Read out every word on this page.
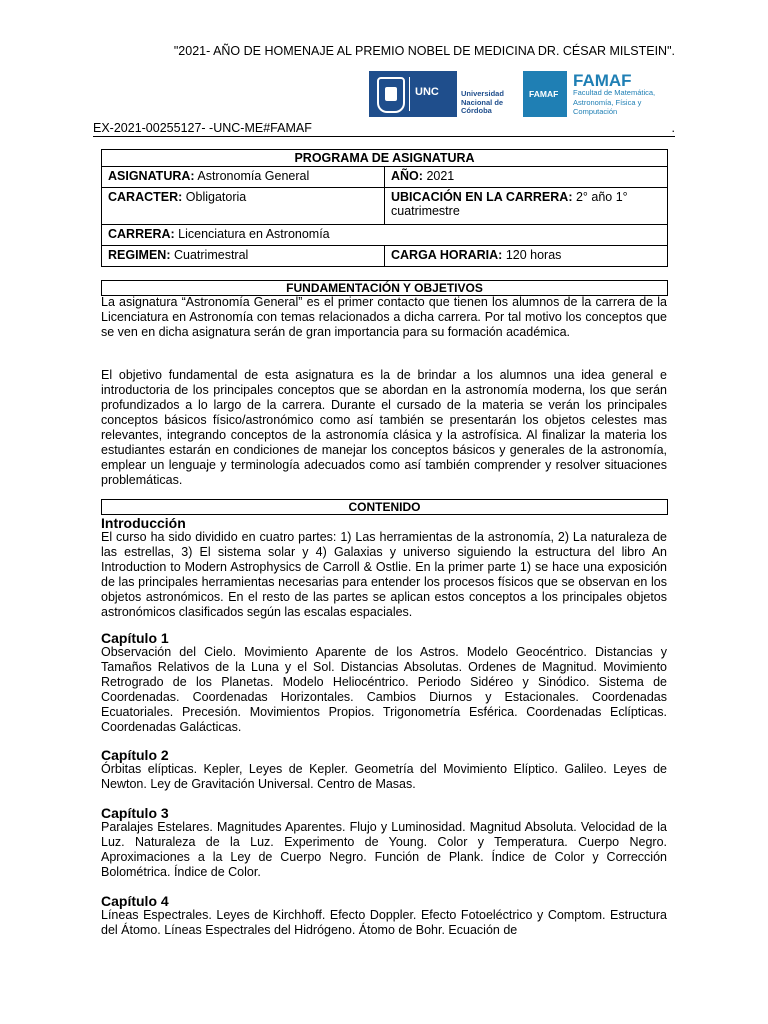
"2021- AÑO DE HOMENAJE AL PREMIO NOBEL DE MEDICINA DR. CÉSAR MILSTEIN".
UNC	Universidad Nacional de Córdoba
FAMAF
FAMAF
Facultad de Matemática, Astronomía, Física y Computación
EX-2021-00255127- -UNC-ME#FAMAF	.
PROGRAMA DE ASIGNATURA	
ASIGNATURA: Astronomía General	AÑO: 2021
CARACTER: Obligatoria	UBICACIÓN EN LA CARRERA: 2° año 1° cuatrimestre
CARRERA: Licenciatura en Astronomía	
REGIMEN: Cuatrimestral	CARGA HORARIA: 120 horas
FUNDAMENTACIÓN Y OBJETIVOS
La asignatura “Astronomía General” es el primer contacto que tienen los alumnos de la carrera de la Licenciatura en Astronomía con temas relacionados a dicha carrera. Por tal motivo los conceptos que se ven en dicha asignatura serán de gran importancia para su formación académica.
El objetivo fundamental de esta asignatura es la de brindar a los alumnos una idea general e introductoria de los principales conceptos que se abordan en la astronomía moderna, los que serán profundizados a lo largo de la carrera. Durante el cursado de la materia se verán los principales conceptos básicos físico/astronómico como así también se presentarán los objetos celestes mas relevantes, integrando conceptos de la astronomía clásica y la astrofísica. Al finalizar la materia los estudiantes estarán en condiciones de manejar los conceptos básicos y generales de la astronomía, emplear un lenguaje y terminología adecuados como así también comprender y resolver situaciones problemáticas.
CONTENIDO
Introducción
El curso ha sido dividido en cuatro partes: 1) Las herramientas de la astronomía, 2) La naturaleza de las estrellas, 3) El sistema solar y 4) Galaxias y universo siguiendo la estructura del libro An Introduction to Modern Astrophysics de Carroll & Ostlie. En la primer parte 1) se hace una exposición de las principales herramientas necesarias para entender los procesos físicos que se observan en los objetos astronómicos. En el resto de las partes se aplican estos conceptos a los principales objetos astronómicos clasificados según las escalas espaciales.
Capítulo 1
Observación del Cielo. Movimiento Aparente de los Astros. Modelo Geocéntrico. Distancias y Tamaños Relativos de la Luna y el Sol. Distancias Absolutas. Ordenes de Magnitud. Movimiento Retrogrado de los Planetas. Modelo Heliocéntrico. Periodo Sidéreo y Sinódico. Sistema de Coordenadas. Coordenadas Horizontales. Cambios Diurnos y Estacionales. Coordenadas Ecuatoriales. Precesión. Movimientos Propios. Trigonometría Esférica. Coordenadas Eclípticas. Coordenadas Galácticas.
Capítulo 2
Órbitas elípticas. Kepler, Leyes de Kepler. Geometría del Movimiento Elíptico. Galileo. Leyes de Newton. Ley de Gravitación Universal. Centro de Masas.
Capítulo 3
Paralajes Estelares. Magnitudes Aparentes. Flujo y Luminosidad. Magnitud Absoluta. Velocidad de la Luz. Naturaleza de la Luz. Experimento de Young. Color y Temperatura. Cuerpo Negro. Aproximaciones a la Ley de Cuerpo Negro. Función de Plank. Índice de Color y Corrección Bolométrica. Índice de Color.
Capítulo 4
Líneas Espectrales. Leyes de Kirchhoff. Efecto Doppler. Efecto Fotoeléctrico y Comptom. Estructura del Átomo. Líneas Espectrales del Hidrógeno. Átomo de Bohr. Ecuación de
